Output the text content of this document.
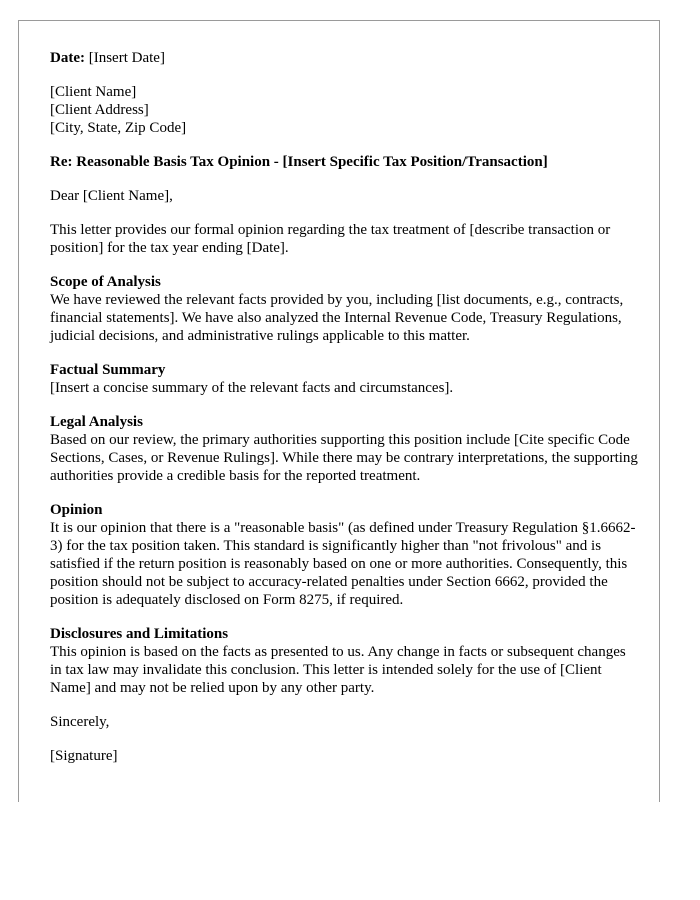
Date: [Insert Date]

[Client Name]
[Client Address]
[City, State, Zip Code]

Re: Reasonable Basis Tax Opinion - [Insert Specific Tax Position/Transaction]

Dear [Client Name],

This letter provides our formal opinion regarding the tax treatment of [describe transaction or position] for the tax year ending [Date].

Scope of Analysis
We have reviewed the relevant facts provided by you, including [list documents, e.g., contracts, financial statements]. We have also analyzed the Internal Revenue Code, Treasury Regulations, judicial decisions, and administrative rulings applicable to this matter.

Factual Summary
[Insert a concise summary of the relevant facts and circumstances].

Legal Analysis
Based on our review, the primary authorities supporting this position include [Cite specific Code Sections, Cases, or Revenue Rulings]. While there may be contrary interpretations, the supporting authorities provide a credible basis for the reported treatment.

Opinion
It is our opinion that there is a "reasonable basis" (as defined under Treasury Regulation §1.6662-3) for the tax position taken. This standard is significantly higher than "not frivolous" and is satisfied if the return position is reasonably based on one or more authorities. Consequently, this position should not be subject to accuracy-related penalties under Section 6662, provided the position is adequately disclosed on Form 8275, if required.

Disclosures and Limitations
This opinion is based on the facts as presented to us. Any change in facts or subsequent changes in tax law may invalidate this conclusion. This letter is intended solely for the use of [Client Name] and may not be relied upon by any other party.

Sincerely,

[Signature]
